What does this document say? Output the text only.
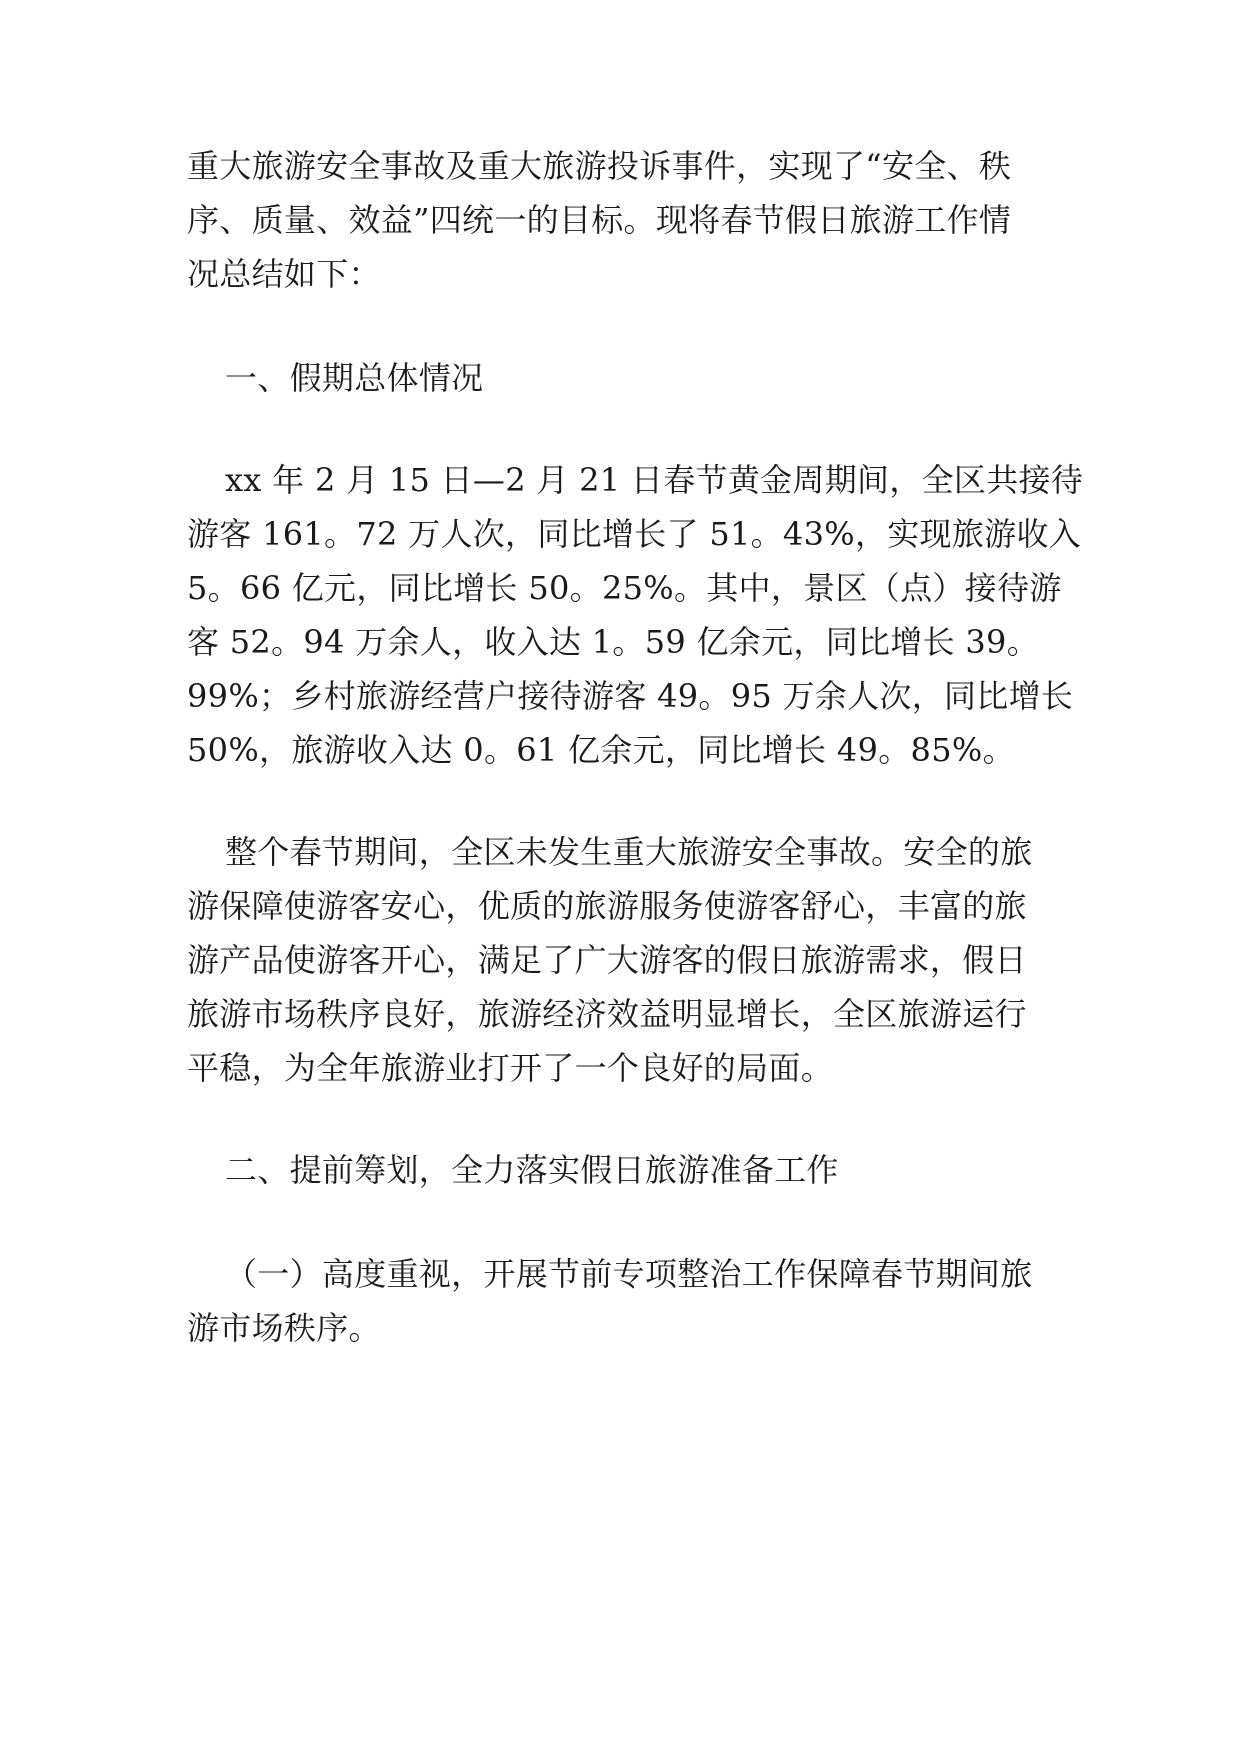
重大旅游安全事故及重大旅游投诉事件，实现了“安全、秩
序、质量、效益”四统一的目标。现将春节假日旅游工作情
况总结如下：
一、假期总体情况
xx 年 2 月 15 日—2 月 21 日春节黄金周期间，全区共接待
游客 161。72 万人次，同比增长了 51。43%，实现旅游收入
5。66 亿元，同比增长 50。25%。其中，景区（点）接待游
客 52。94 万余人，收入达 1。59 亿余元，同比增长 39。
99%；乡村旅游经营户接待游客 49。95 万余人次，同比增长
50%，旅游收入达 0。61 亿余元，同比增长 49。85%。
整个春节期间，全区未发生重大旅游安全事故。安全的旅
游保障使游客安心，优质的旅游服务使游客舒心，丰富的旅
游产品使游客开心，满足了广大游客的假日旅游需求，假日
旅游市场秩序良好，旅游经济效益明显增长，全区旅游运行
平稳，为全年旅游业打开了一个良好的局面。
二、提前筹划，全力落实假日旅游准备工作
（一）高度重视，开展节前专项整治工作保障春节期间旅
游市场秩序。
